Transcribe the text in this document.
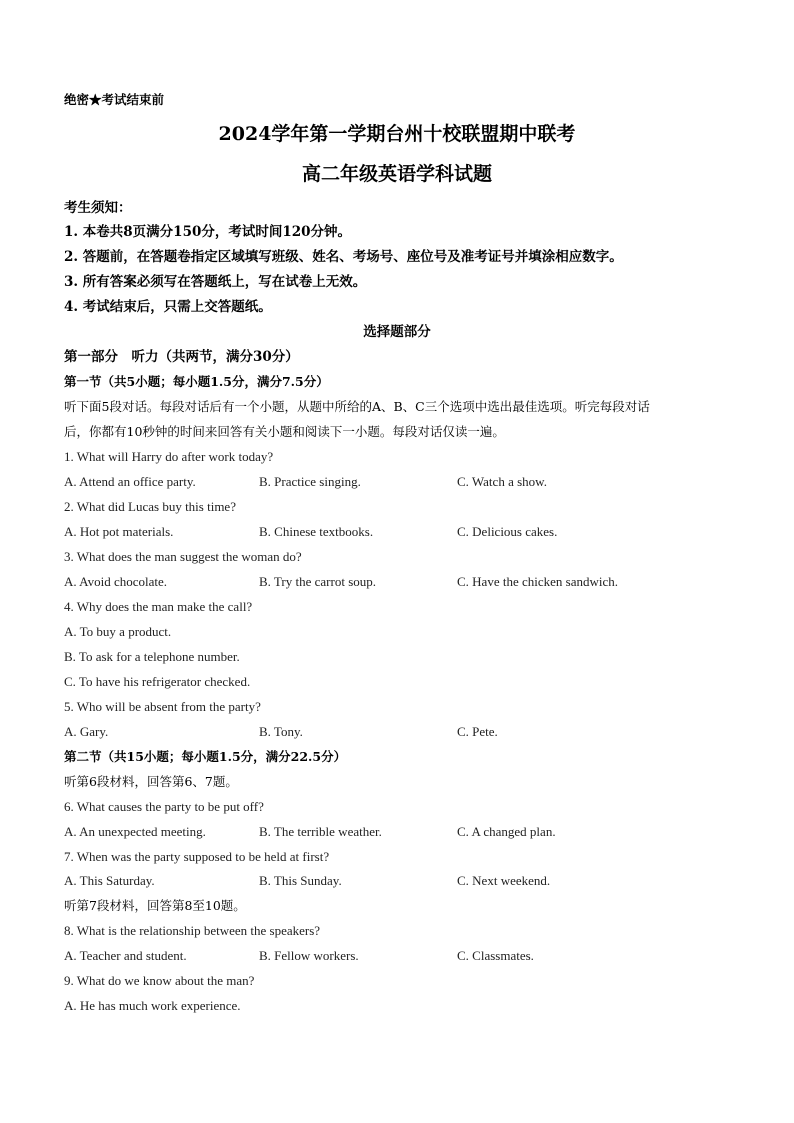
绝密★考试结束前
2024学年第一学期台州十校联盟期中联考
高二年级英语学科试题
考生须知：
1. 本卷共8页满分150分，考试时间120分钟。
2. 答题前，在答题卷指定区域填写班级、姓名、考场号、座位号及准考证号并填涂相应数字。
3. 所有答案必须写在答题纸上，写在试卷上无效。
4. 考试结束后，只需上交答题纸。
选择题部分
第一部分　听力（共两节，满分30分）
第一节（共5小题；每小题1.5分，满分7.5分）
听下面5段对话。每段对话后有一个小题，从题中所给的A、B、C三个选项中选出最佳选项。听完每段对话
后，你都有10秒钟的时间来回答有关小题和阅读下一小题。每段对话仅读一遍。
1. What will Harry do after work today?
A. Attend an office party.	B. Practice singing.	C. Watch a show.
2. What did Lucas buy this time?
A. Hot pot materials.	B. Chinese textbooks.	C. Delicious cakes.
3. What does the man suggest the woman do?
A. Avoid chocolate.	B. Try the carrot soup.	C. Have the chicken sandwich.
4. Why does the man make the call?
A. To buy a product.
B. To ask for a telephone number.
C. To have his refrigerator checked.
5. Who will be absent from the party?
A. Gary.	B. Tony.	C. Pete.
第二节（共15小题；每小题1.5分，满分22.5分）
听第6段材料，回答第6、7题。
6. What causes the party to be put off?
A. An unexpected meeting.	B. The terrible weather.	C. A changed plan.
7. When was the party supposed to be held at first?
A. This Saturday.	B. This Sunday.	C. Next weekend.
听第7段材料，回答第8至10题。
8. What is the relationship between the speakers?
A. Teacher and student.	B. Fellow workers.	C. Classmates.
9. What do we know about the man?
A. He has much work experience.
